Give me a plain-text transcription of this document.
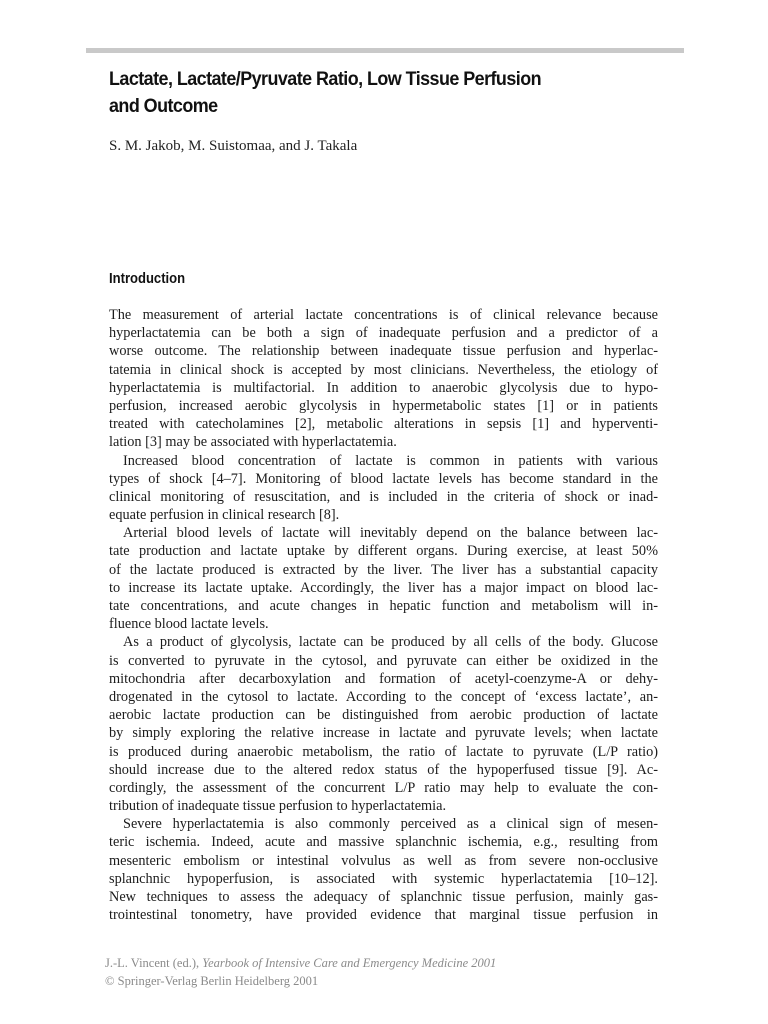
Lactate, Lactate/Pyruvate Ratio, Low Tissue Perfusion
and Outcome

S. M. Jakob, M. Suistomaa, and J. Takala

Introduction
The measurement of arterial lactate concentrations is of clinical relevance because
hyperlactatemia can be both a sign of inadequate perfusion and a predictor of a
worse outcome. The relationship between inadequate tissue perfusion and hyperlac-
tatemia in clinical shock is accepted by most clinicians. Nevertheless, the etiology of
hyperlactatemia is multifactorial. In addition to anaerobic glycolysis due to hypo-
perfusion, increased aerobic glycolysis in hypermetabolic states [1] or in patients
treated with catecholamines [2], metabolic alterations in sepsis [1] and hyperventi-
lation [3] may be associated with hyperlactatemia.
Increased blood concentration of lactate is common in patients with various
types of shock [4–7]. Monitoring of blood lactate levels has become standard in the
clinical monitoring of resuscitation, and is included in the criteria of shock or inad-
equate perfusion in clinical research [8].
Arterial blood levels of lactate will inevitably depend on the balance between lac-
tate production and lactate uptake by different organs. During exercise, at least 50%
of the lactate produced is extracted by the liver. The liver has a substantial capacity
to increase its lactate uptake. Accordingly, the liver has a major impact on blood lac-
tate concentrations, and acute changes in hepatic function and metabolism will in-
fluence blood lactate levels.
As a product of glycolysis, lactate can be produced by all cells of the body. Glucose
is converted to pyruvate in the cytosol, and pyruvate can either be oxidized in the
mitochondria after decarboxylation and formation of acetyl-coenzyme-A or dehy-
drogenated in the cytosol to lactate. According to the concept of ‘excess lactate’, an-
aerobic lactate production can be distinguished from aerobic production of lactate
by simply exploring the relative increase in lactate and pyruvate levels; when lactate
is produced during anaerobic metabolism, the ratio of lactate to pyruvate (L/P ratio)
should increase due to the altered redox status of the hypoperfused tissue [9]. Ac-
cordingly, the assessment of the concurrent L/P ratio may help to evaluate the con-
tribution of inadequate tissue perfusion to hyperlactatemia.
Severe hyperlactatemia is also commonly perceived as a clinical sign of mesen-
teric ischemia. Indeed, acute and massive splanchnic ischemia, e.g., resulting from
mesenteric embolism or intestinal volvulus as well as from severe non-occlusive
splanchnic hypoperfusion, is associated with systemic hyperlactatemia [10–12].
New techniques to assess the adequacy of splanchnic tissue perfusion, mainly gas-
trointestinal tonometry, have provided evidence that marginal tissue perfusion in
J.-L. Vincent (ed.), Yearbook of Intensive Care and Emergency Medicine 2001
© Springer-Verlag Berlin Heidelberg 2001
